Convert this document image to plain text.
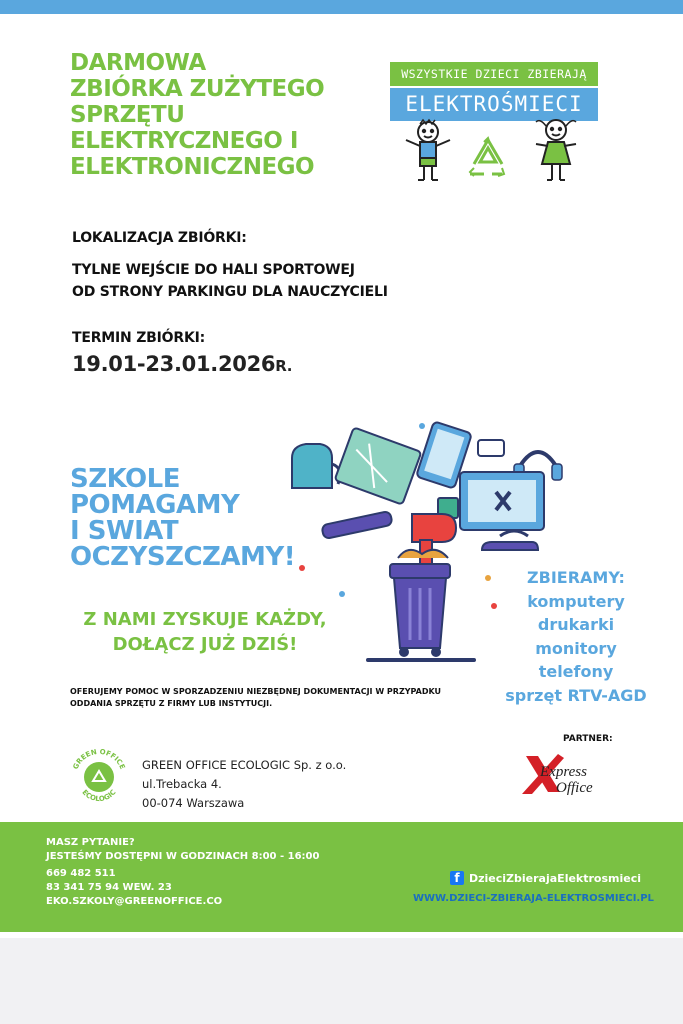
DARMOWA
ZBIÓRKA ZUŻYTEGO
SPRZĘTU
ELEKTRYCZNEGO I
ELEKTRONICZNEGO
WSZYSTKIE DZIECI ZBIERAJĄ
ELEKTROŚMIECI
LOKALIZACJA ZBIÓRKI:
TYLNE WEJŚCIE DO HALI SPORTOWEJ
OD STRONY PARKINGU DLA NAUCZYCIELI
TERMIN ZBIÓRKI:
19.01-23.01.2026R.
SZKOLE
POMAGAMY
I SWIAT
OCZYSZCZAMY!
Z NAMI ZYSKUJE KAŻDY,
DOŁĄCZ JUŻ DZIŚ!
ZBIERAMY:
komputery
drukarki
monitory
telefony
sprzęt RTV-AGD
OFERUJEMY POMOC W SPORZADZENIU NIEZBĘDNEJ DOKUMENTACJI W PRZYPADKU
ODDANIA SPRZĘTU Z FIRMY LUB INSTYTUCJI.
GREEN OFFICE
ECOLOGIC
GREEN OFFICE ECOLOGIC Sp. z o.o.
ul.Trebacka 4.
00-074 Warszawa
PARTNER:
Express
Office
MASZ PYTANIE?
JESTEŚMY DOSTĘPNI W GODZINACH 8:00 - 16:00
669 482 511
83 341 75 94 WEW. 23
EKO.SZKOLY@GREENOFFICE.CO
f DzieciZbierajaElektrosmieci
WWW.DZIECI-ZBIERAJA-ELEKTROSMIECI.PL
